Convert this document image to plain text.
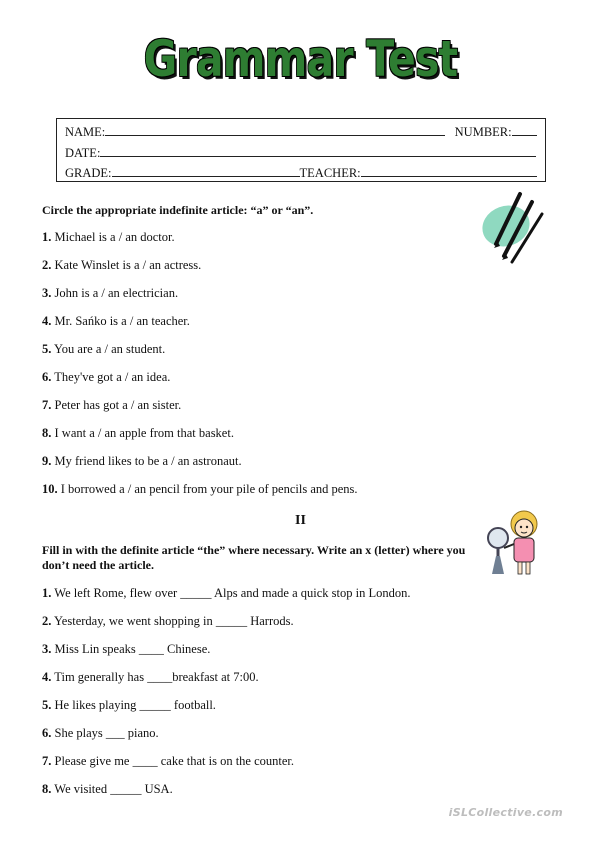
Grammar Test
NAME:	NUMBER:
DATE:
GRADE:	TEACHER:
Circle the appropriate indefinite article: “a” or “an”.
1. Michael is a / an doctor.
2. Kate Winslet is a / an actress.
3. John is a / an electrician.
4. Mr. Sańko is a / an teacher.
5. You are a / an student.
6. They've got a / an idea.
7. Peter has got a / an sister.
8. I want a / an apple from that basket.
9. My friend likes to be a / an astronaut.
10. I borrowed a / an pencil from your pile of pencils and pens.
II
Fill in with the definite article “the” where necessary. Write an x (letter) where you
don’t need the article.
1. We left Rome, flew over _____ Alps and made a quick stop in London.
2. Yesterday, we went shopping in _____ Harrods.
3. Miss Lin speaks ____ Chinese.
4. Tim generally has ____breakfast at 7:00.
5. He likes playing _____ football.
6. She plays ___ piano.
7. Please give me ____ cake that is on the counter.
8. We visited _____ USA.
iSLCollective.com
